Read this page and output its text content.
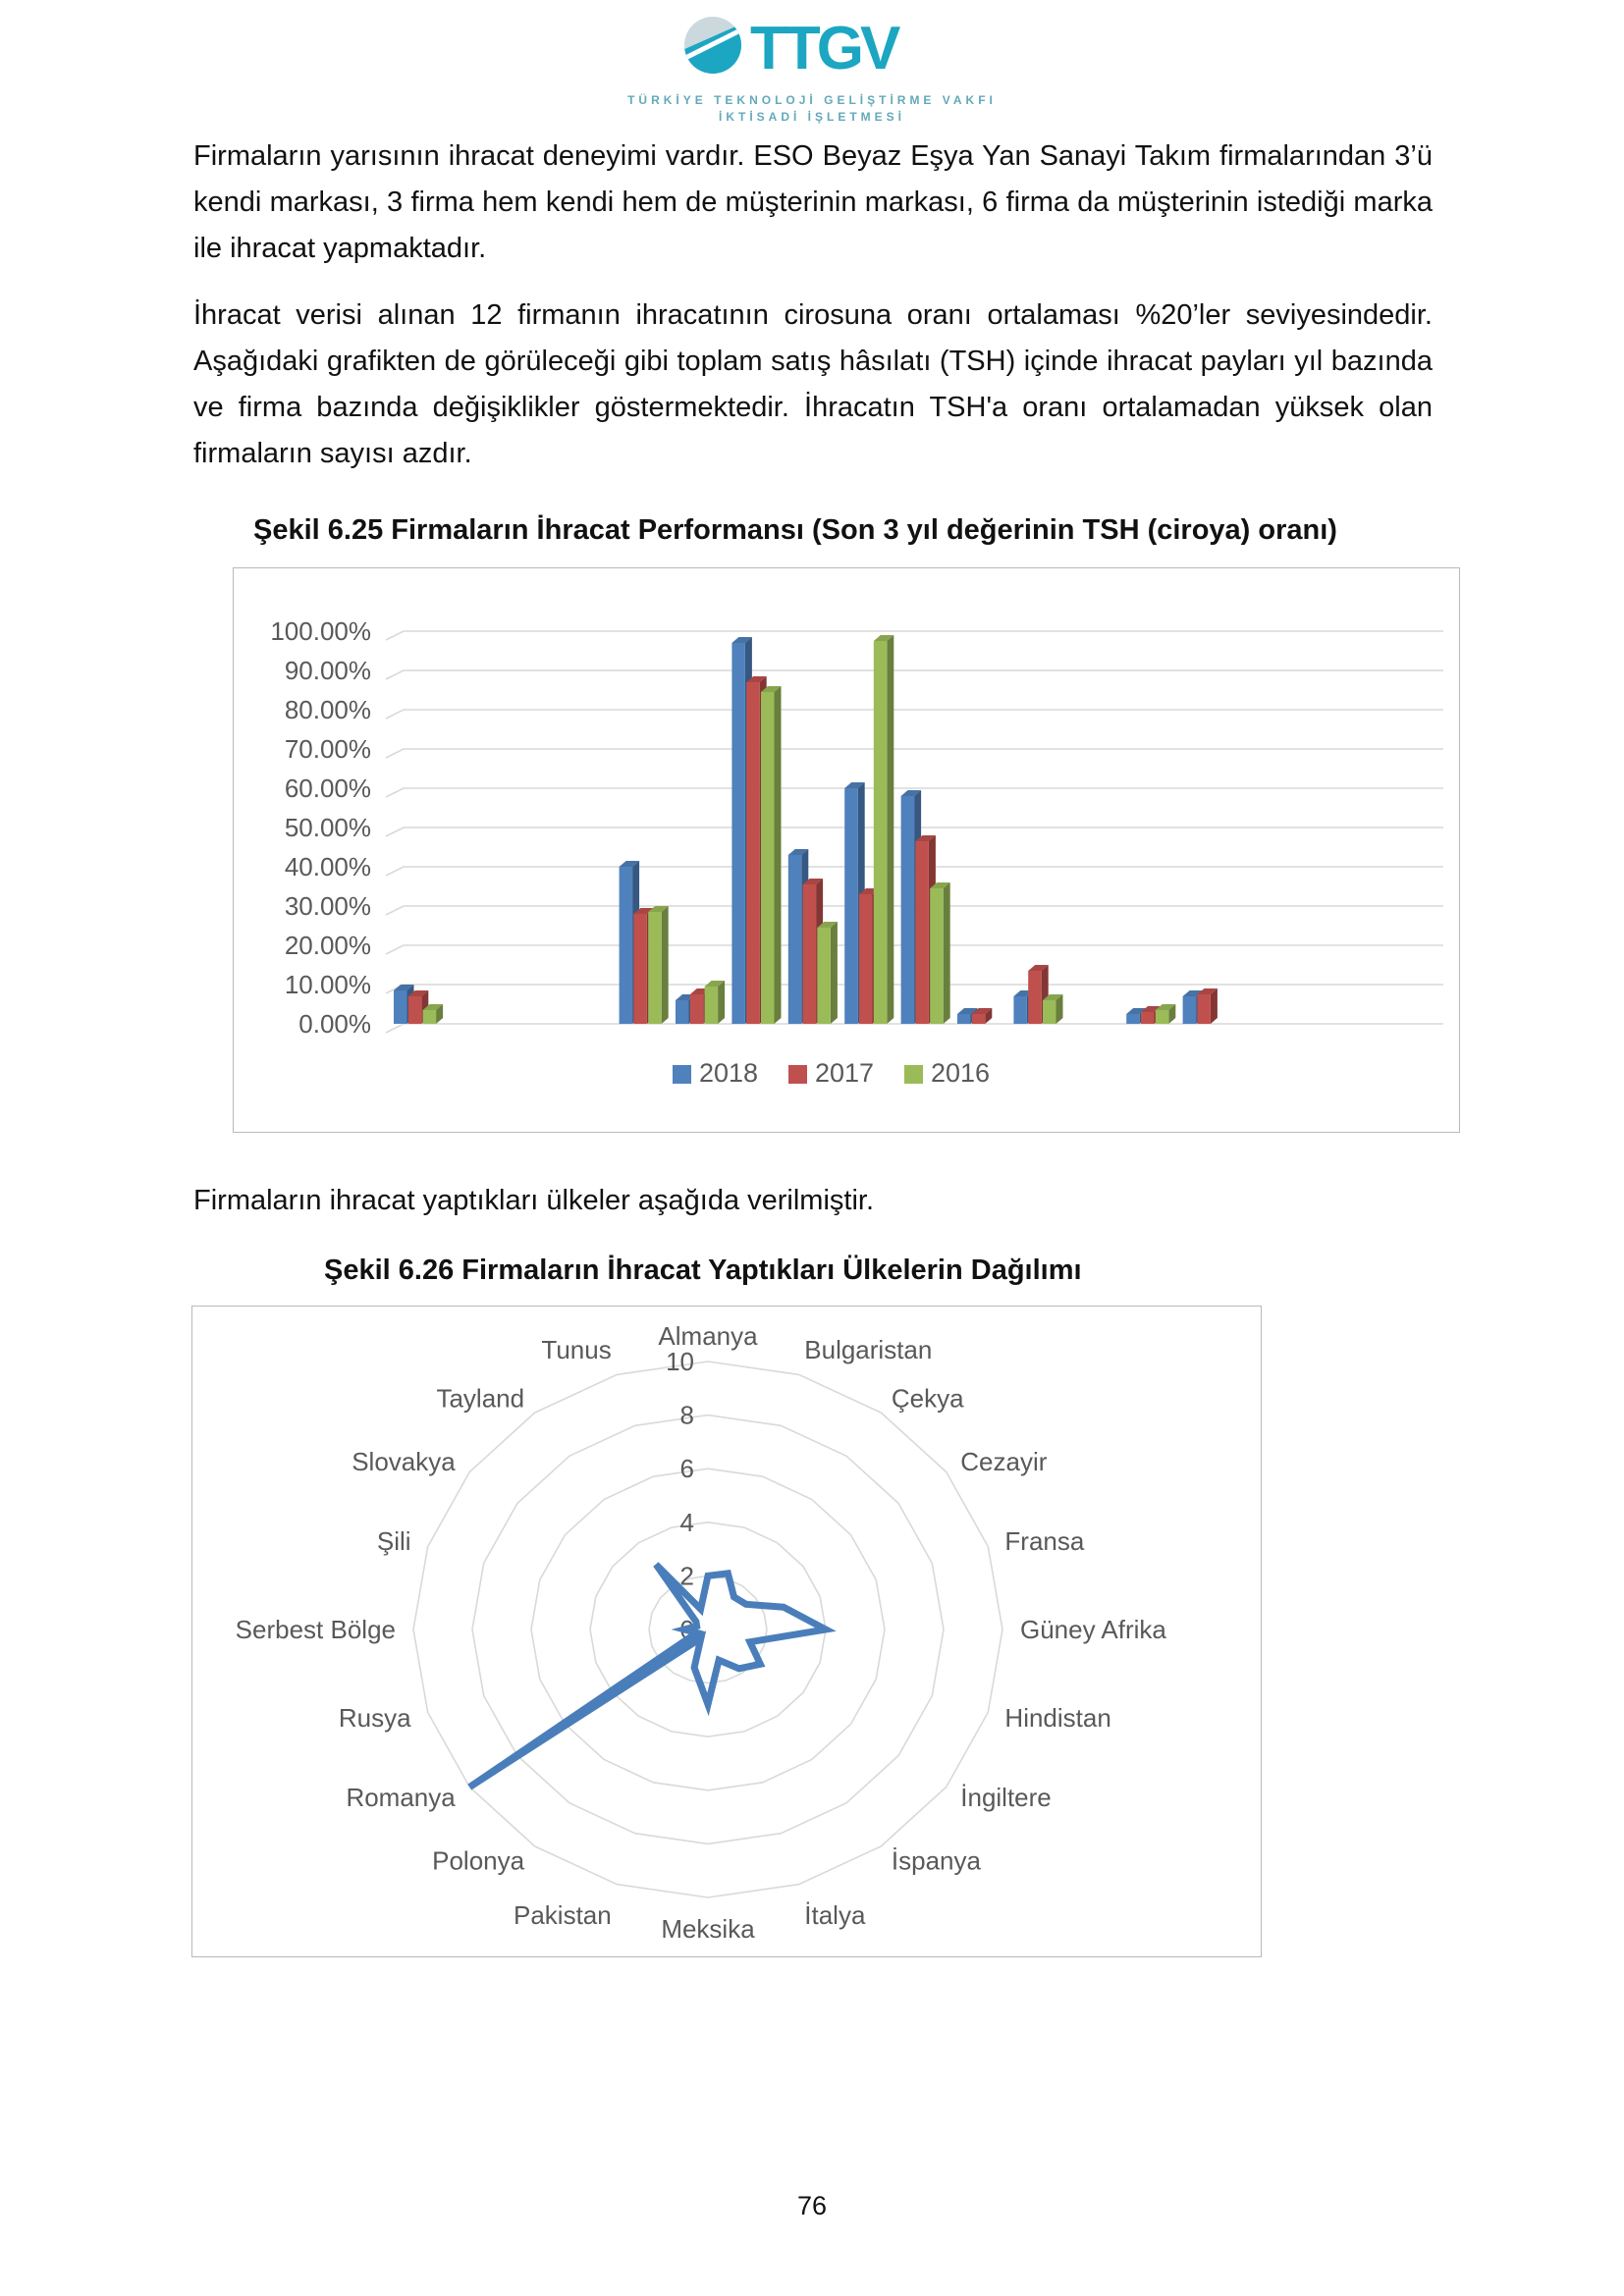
TTGV
TÜRKİYE TEKNOLOJİ GELİŞTİRME VAKFI
İKTİSADİ İŞLETMESİ
Firmaların yarısının ihracat deneyimi vardır. ESO Beyaz Eşya Yan Sanayi Takım firmalarından 3’ü kendi markası, 3 firma hem kendi hem de müşterinin markası, 6 firma da müşterinin istediği marka ile ihracat yapmaktadır.
İhracat verisi alınan 12 firmanın ihracatının cirosuna oranı ortalaması %20’ler seviyesindedir. Aşağıdaki grafikten de görüleceği gibi toplam satış hâsılatı (TSH) içinde ihracat payları yıl bazında ve firma bazında değişiklikler göstermektedir. İhracatın TSH'a oranı ortalamadan yüksek olan firmaların sayısı azdır.
Şekil 6.25 Firmaların İhracat Performansı (Son 3 yıl değerinin TSH (ciroya) oranı)
0.00%
10.00%
20.00%
30.00%
40.00%
50.00%
60.00%
70.00%
80.00%
90.00%
100.00%
2018 2017 2016
Firmaların ihracat yaptıkları ülkeler aşağıda verilmiştir.
Şekil 6.26 Firmaların İhracat Yaptıkları Ülkelerin Dağılımı
0
2
4
6
8
10
Almanya Bulgaristan
Çekya
Cezayir
Fransa
Güney Afrika
Hindistan
İngiltere
İspanya
İtalya
Meksika
Pakistan
Polonya
Romanya
Rusya
Serbest Bölge
Şili
Slovakya
Tayland
Tunus
76
